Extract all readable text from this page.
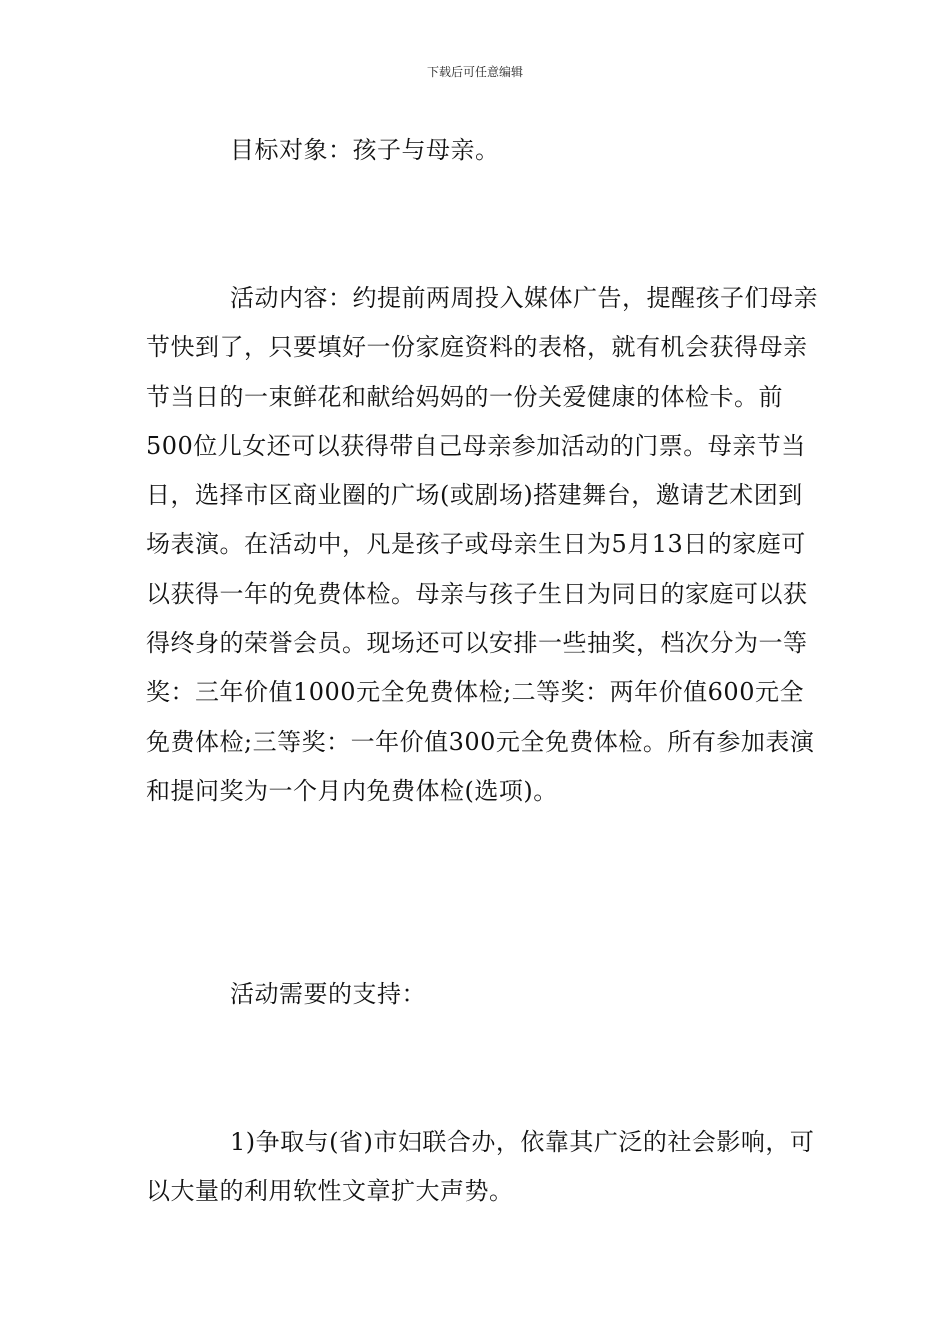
下载后可任意编辑

目标对象：孩子与母亲。

活动内容：约提前两周投入媒体广告，提醒孩子们母亲节快到了，只要填好一份家庭资料的表格，就有机会获得母亲节当日的一束鲜花和献给妈妈的一份关爱健康的体检卡。前500位儿女还可以获得带自己母亲参加活动的门票。母亲节当日，选择市区商业圈的广场(或剧场)搭建舞台，邀请艺术团到场表演。在活动中，凡是孩子或母亲生日为5月13日的家庭可以获得一年的免费体检。母亲与孩子生日为同日的家庭可以获得终身的荣誉会员。现场还可以安排一些抽奖，档次分为一等奖：三年价值1000元全免费体检;二等奖：两年价值600元全免费体检;三等奖：一年价值300元全免费体检。所有参加表演和提问奖为一个月内免费体检(选项)。

活动需要的支持：

1)争取与(省)市妇联合办，依靠其广泛的社会影响，可以大量的利用软性文章扩大声势。
